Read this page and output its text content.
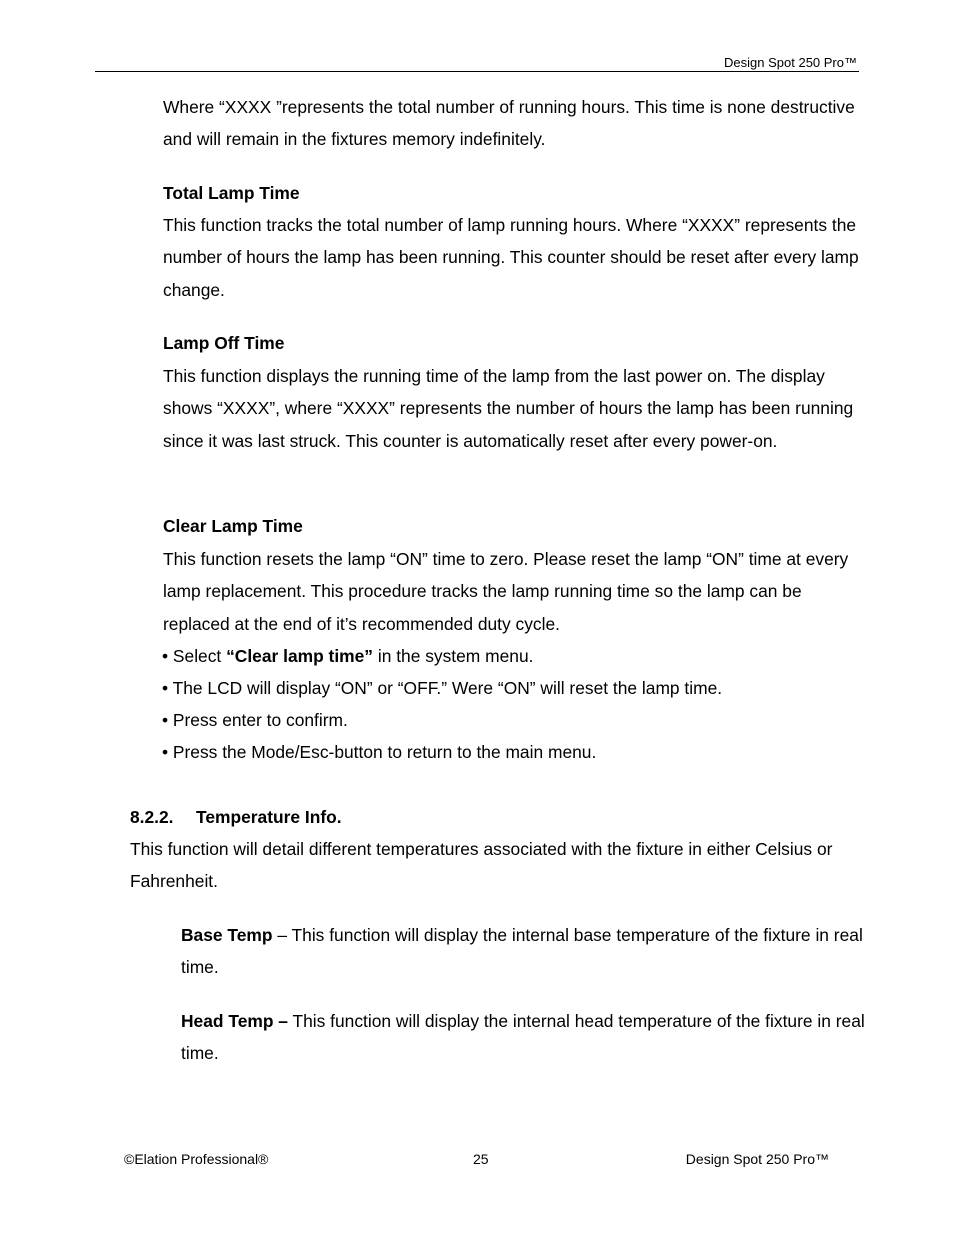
Design Spot 250 Pro™

Where “XXXX ”represents the total number of running hours. This time is none destructive and will remain in the fixtures memory indefinitely.

Total Lamp Time

This function tracks the total number of lamp running hours. Where “XXXX” represents the number of hours the lamp has been running. This counter should be reset after every lamp change.

Lamp Off Time

This function displays the running time of the lamp from the last power on. The display shows “XXXX”, where “XXXX” represents the number of hours the lamp has been running since it was last struck. This counter is automatically reset after every power-on.

Clear Lamp Time

This function resets the lamp “ON” time to zero. Please reset the lamp “ON” time at every lamp replacement. This procedure tracks the lamp running time so the lamp can be replaced at the end of it’s recommended duty cycle.

• Select “Clear lamp time” in the system menu.

• The LCD will display “ON” or “OFF.” Were “ON” will reset the lamp time.

• Press enter to confirm.

• Press the Mode/Esc-button to return to the main menu.

8.2.2. Temperature Info.

This function will detail different temperatures associated with the fixture in either Celsius or Fahrenheit.

Base Temp – This function will display the internal base temperature of the fixture in real time.

Head Temp – This function will display the internal head temperature of the fixture in real time.

©Elation Professional®	25	Design Spot 250 Pro™
